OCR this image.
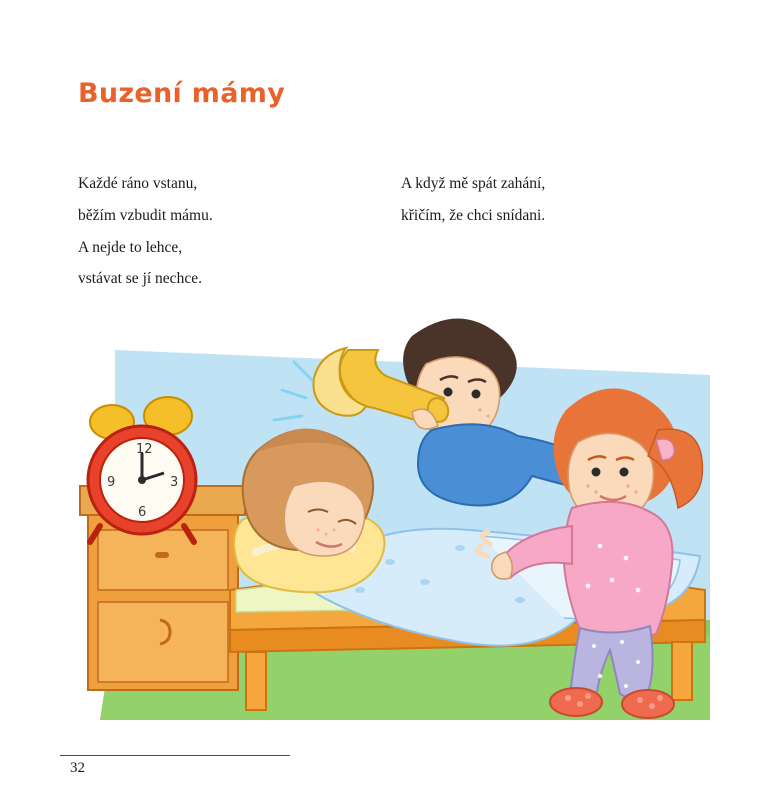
Buzení mámy
Každé ráno vstanu,
běžím vzbudit mámu.
A nejde to lehce,
vstávat se jí nechce.
A když mě spát zahání,
křičím, že chci snídani.
9
12
3
6
32
